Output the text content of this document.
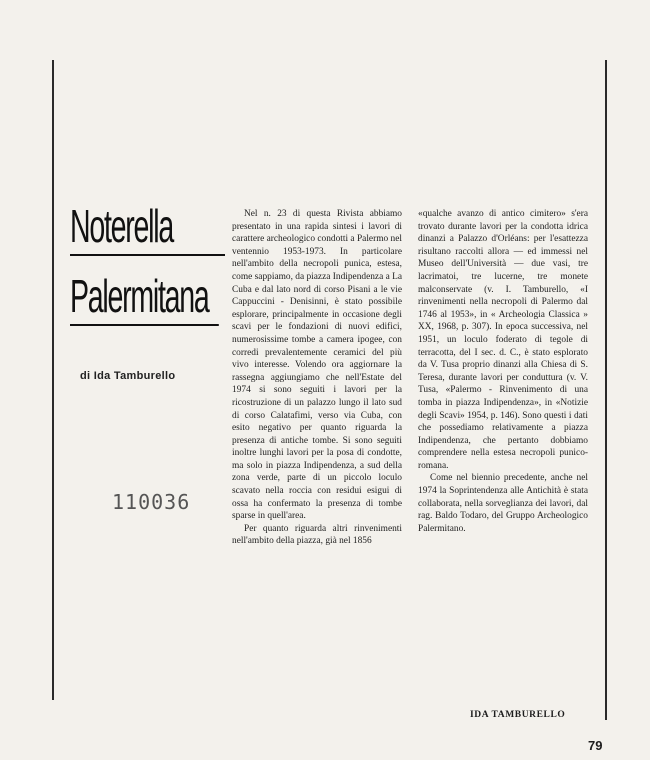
Noterella
Palermitana
di Ida Tamburello
110036

Nel n. 23 di questa Rivista abbiamo presentato in una rapida sintesi i lavori di carattere archeologico condotti a Palermo nel ventennio 1953-1973. In particolare nell'ambito della necropoli punica, estesa, come sappiamo, da piazza Indipendenza a La Cuba e dal lato nord di corso Pisani a le vie Cappuccini - Denisinni, è stato possibile esplorare, principalmente in occasione degli scavi per le fondazioni di nuovi edifici, numerosissime tombe a camera ipogee, con corredi prevalentemente ceramici del più vivo interesse. Volendo ora aggiornare la rassegna aggiungiamo che nell'Estate del 1974 si sono seguiti i lavori per la ricostruzione di un palazzo lungo il lato sud di corso Calatafimi, verso via Cuba, con esito negativo per quanto riguarda la presenza di antiche tombe. Si sono seguiti inoltre lunghi lavori per la posa di condotte, ma solo in piazza Indipendenza, a sud della zona verde, parte di un piccolo loculo scavato nella roccia con residui esigui di ossa ha confermato la presenza di tombe sparse in quell'area.

Per quanto riguarda altri rinvenimenti nell'ambito della piazza, già nel 1856

«qualche avanzo di antico cimitero» s'era trovato durante lavori per la condotta idrica dinanzi a Palazzo d'Orléans: per l'esattezza risultano raccolti allora — ed immessi nel Museo dell'Università — due vasi, tre lacrimatoi, tre lucerne, tre monete malconservate (v. I. Tamburello, «I rinvenimenti nella necropoli di Palermo dal 1746 al 1953», in « Archeologia Classica » XX, 1968, p. 307). In epoca successiva, nel 1951, un loculo foderato di tegole di terracotta, del I sec. d. C., è stato esplorato da V. Tusa proprio dinanzi alla Chiesa di S. Teresa, durante lavori per conduttura (v. V. Tusa, «Palermo - Rinvenimento di una tomba in piazza Indipendenza», in «Notizie degli Scavi» 1954, p. 146). Sono questi i dati che possediamo relativamente a piazza Indipendenza, che pertanto dobbiamo comprendere nella estesa necropoli punico-romana.

Come nel biennio precedente, anche nel 1974 la Soprintendenza alle Antichità è stata collaborata, nella sorveglianza dei lavori, dal rag. Baldo Todaro, del Gruppo Archeologico Palermitano.

IDA TAMBURELLO
79
